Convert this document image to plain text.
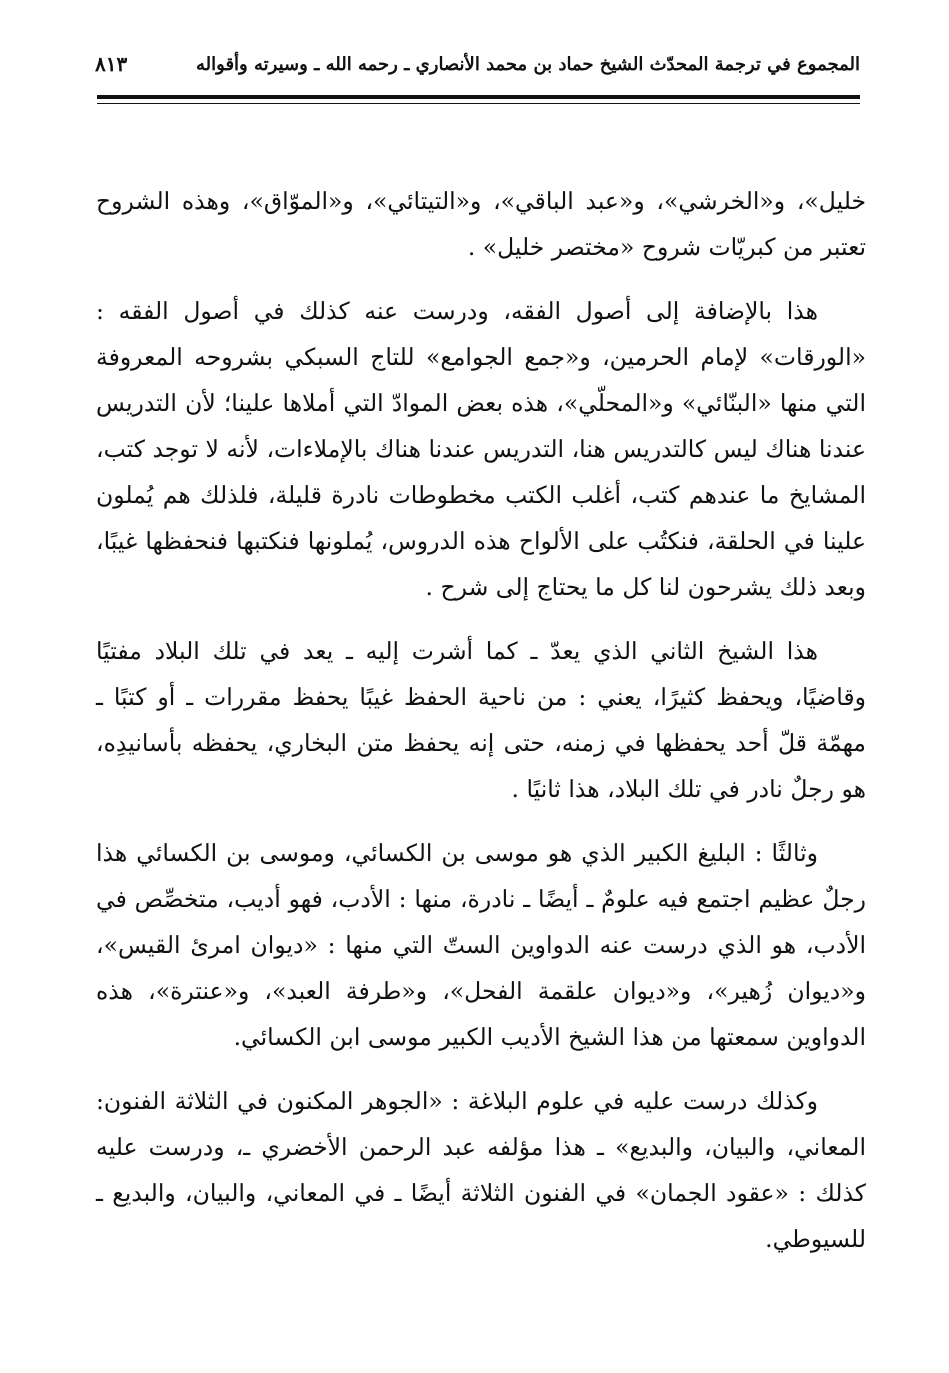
المجموع في ترجمة المحدّث الشيخ حماد بن محمد الأنصاري ـ رحمه الله ـ وسيرته وأقواله
٨١٣

خليل»، و«الخرشي»، و«عبد الباقي»، و«التيتائي»، و«الموّاق»، وهذه الشروح تعتبر من كبريّات شروح «مختصر خليل» .

هذا بالإضافة إلى أصول الفقه، ودرست عنه كذلك في أصول الفقه : «الورقات» لإمام الحرمين، و«جمع الجوامع» للتاج السبكي بشروحه المعروفة التي منها «البنّائي» و«المحلّي»، هذه بعض الموادّ التي أملاها علينا؛ لأن التدريس عندنا هناك ليس كالتدريس هنا، التدريس عندنا هناك بالإملاءات، لأنه لا توجد كتب، المشايخ ما عندهم كتب، أغلب الكتب مخطوطات نادرة قليلة، فلذلك هم يُملون علينا في الحلقة، فنكتُب على الألواح هذه الدروس، يُملونها فنكتبها فنحفظها غيبًا، وبعد ذلك يشرحون لنا كل ما يحتاج إلى شرح .

هذا الشيخ الثاني الذي يعدّ ـ كما أشرت إليه ـ يعد في تلك البلاد مفتيًا وقاضيًا، ويحفظ كثيرًا، يعني : من ناحية الحفظ غيبًا يحفظ مقررات ـ أو كتبًا ـ مهمّة قلّ أحد يحفظها في زمنه، حتى إنه يحفظ متن البخاري، يحفظه بأسانيدِه، هو رجلٌ نادر في تلك البلاد، هذا ثانيًا .

وثالثًا : البليغ الكبير الذي هو موسى بن الكسائي، وموسى بن الكسائي هذا رجلٌ عظيم اجتمع فيه علومٌ ـ أيضًا ـ نادرة، منها : الأدب، فهو أديب، متخصِّص في الأدب، هو الذي درست عنه الدواوين الستّ التي منها : «ديوان امرئ القيس»، و«ديوان زُهير»، و«ديوان علقمة الفحل»، و«طرفة العبد»، و«عنترة»، هذه الدواوين سمعتها من هذا الشيخ الأديب الكبير موسى ابن الكسائي.

وكذلك درست عليه في علوم البلاغة : «الجوهر المكنون في الثلاثة الفنون: المعاني، والبيان، والبديع» ـ هذا مؤلفه عبد الرحمن الأخضري ـ، ودرست عليه كذلك : «عقود الجمان» في الفنون الثلاثة أيضًا ـ في المعاني، والبيان، والبديع ـ للسيوطي.
